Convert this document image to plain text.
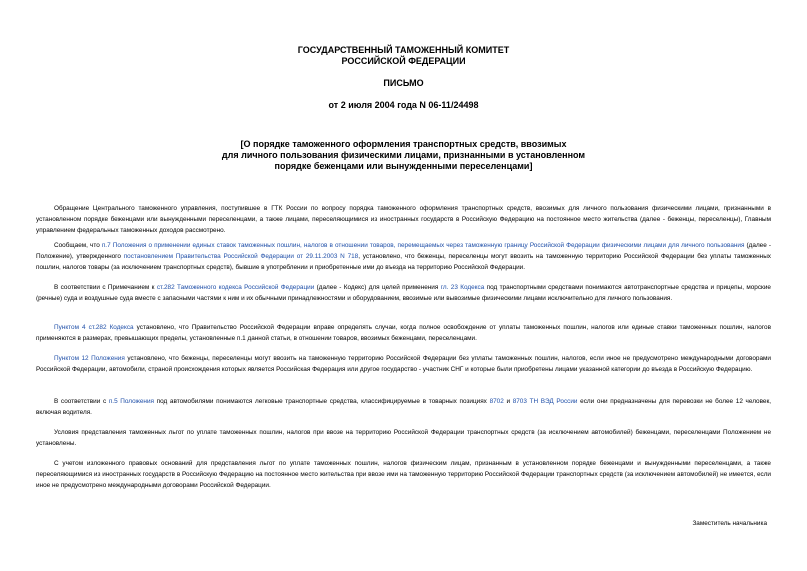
ГОСУДАРСТВЕННЫЙ ТАМОЖЕННЫЙ КОМИТЕТ
РОССИЙСКОЙ ФЕДЕРАЦИИ
ПИСЬМО
от 2 июля 2004 года N 06-11/24498
[О порядке таможенного оформления транспортных средств, ввозимых
для личного пользования физическими лицами, признанными в установленном
порядке беженцами или вынужденными переселенцами]
Обращение Центрального таможенного управления, поступившее в ГТК России по вопросу порядка таможенного оформления транспортных средств, ввозимых для личного пользования физическими лицами, признанными в установленном порядке беженцами или вынужденными переселенцами, а также лицами, переселяющимися из иностранных государств в Российскую Федерацию на постоянное место жительства (далее - беженцы, переселенцы), Главным управлением федеральных таможенных доходов рассмотрено.
Сообщаем, что п.7 Положения о применении единых ставок таможенных пошлин, налогов в отношении товаров, перемещаемых через таможенную границу Российской Федерации физическими лицами для личного пользования (далее - Положение), утвержденного постановлением Правительства Российской Федерации от 29.11.2003 N 718, установлено, что беженцы, переселенцы могут ввозить на таможенную территорию Российской Федерации без уплаты таможенных пошлин, налогов товары (за исключением транспортных средств), бывшие в употреблении и приобретенные ими до въезда на территорию Российской Федерации.
В соответствии с Примечанием к ст.282 Таможенного кодекса Российской Федерации (далее - Кодекс) для целей применения гл. 23 Кодекса под транспортными средствами понимаются автотранспортные средства и прицепы, морские (речные) суда и воздушные суда вместе с запасными частями к ним и их обычными принадлежностями и оборудованием, ввозимые или вывозимые физическими лицами исключительно для личного пользования.
Пунктом 4 ст.282 Кодекса установлено, что Правительство Российской Федерации вправе определять случаи, когда полное освобождение от уплаты таможенных пошлин, налогов или единые ставки таможенных пошлин, налогов применяются в размерах, превышающих пределы, установленные п.1 данной статьи, в отношении товаров, ввозимых беженцами, переселенцами.
Пунктом 12 Положения установлено, что беженцы, переселенцы могут ввозить на таможенную территорию Российской Федерации без уплаты таможенных пошлин, налогов, если иное не предусмотрено международными договорами Российской Федерации, автомобили, страной происхождения которых является Российская Федерация или другое государство - участник СНГ и которые были приобретены лицами указанной категории до въезда в Российскую Федерацию.
В соответствии с п.5 Положения под автомобилями понимаются легковые транспортные средства, классифицируемые в товарных позициях 8702 и 8703 ТН ВЭД России если они предназначены для перевозки не более 12 человек, включая водителя.
Условия представления таможенных льгот по уплате таможенных пошлин, налогов при ввозе на территорию Российской Федерации транспортных средств (за исключением автомобилей) беженцами, переселенцами Положением не установлены.
С учетом изложенного правовых оснований для представления льгот по уплате таможенных пошлин, налогов физическим лицам, признанным в установленном порядке беженцами и вынужденными переселенцами, а также переселяющимися из иностранных государств в Российскую Федерацию на постоянное место жительства при ввозе ими на таможенную территорию Российской Федерации транспортных средств (за исключением автомобилей) не имеется, если иное не предусмотрено международными договорами Российской Федерации.
Заместитель начальника
